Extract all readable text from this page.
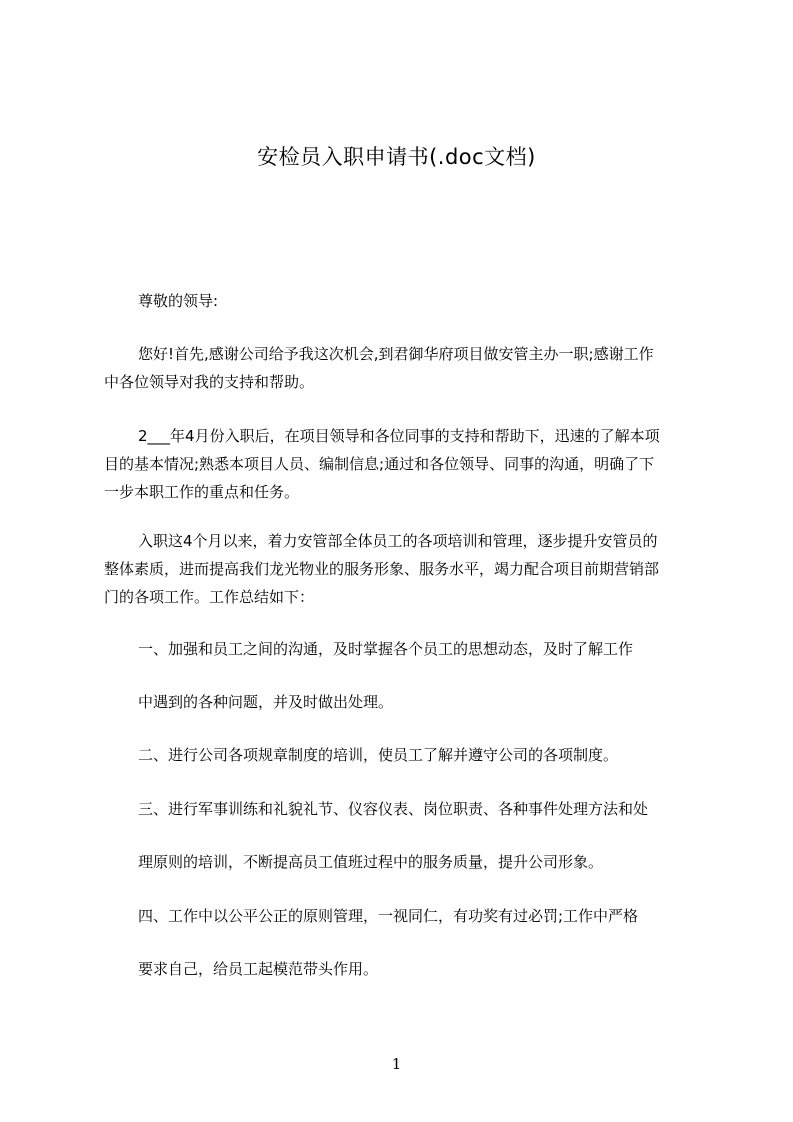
安检员入职申请书(.doc文档)
尊敬的领导:
您好!首先,感谢公司给予我这次机会,到君御华府项目做安管主办一职;感谢工作
中各位领导对我的支持和帮助。
2___年4月份入职后，在项目领导和各位同事的支持和帮助下，迅速的了解本项
目的基本情况;熟悉本项目人员、编制信息;通过和各位领导、同事的沟通，明确了下
一步本职工作的重点和任务。
入职这4个月以来，着力安管部全体员工的各项培训和管理，逐步提升安管员的
整体素质，进而提高我们龙光物业的服务形象、服务水平，竭力配合项目前期营销部
门的各项工作。工作总结如下：
一、加强和员工之间的沟通，及时掌握各个员工的思想动态，及时了解工作
中遇到的各种问题，并及时做出处理。
二、进行公司各项规章制度的培训，使员工了解并遵守公司的各项制度。
三、进行军事训练和礼貌礼节、仪容仪表、岗位职责、各种事件处理方法和处
理原则的培训，不断提高员工值班过程中的服务质量，提升公司形象。
四、工作中以公平公正的原则管理，一视同仁，有功奖有过必罚;工作中严格
要求自己，给员工起模范带头作用。
1
